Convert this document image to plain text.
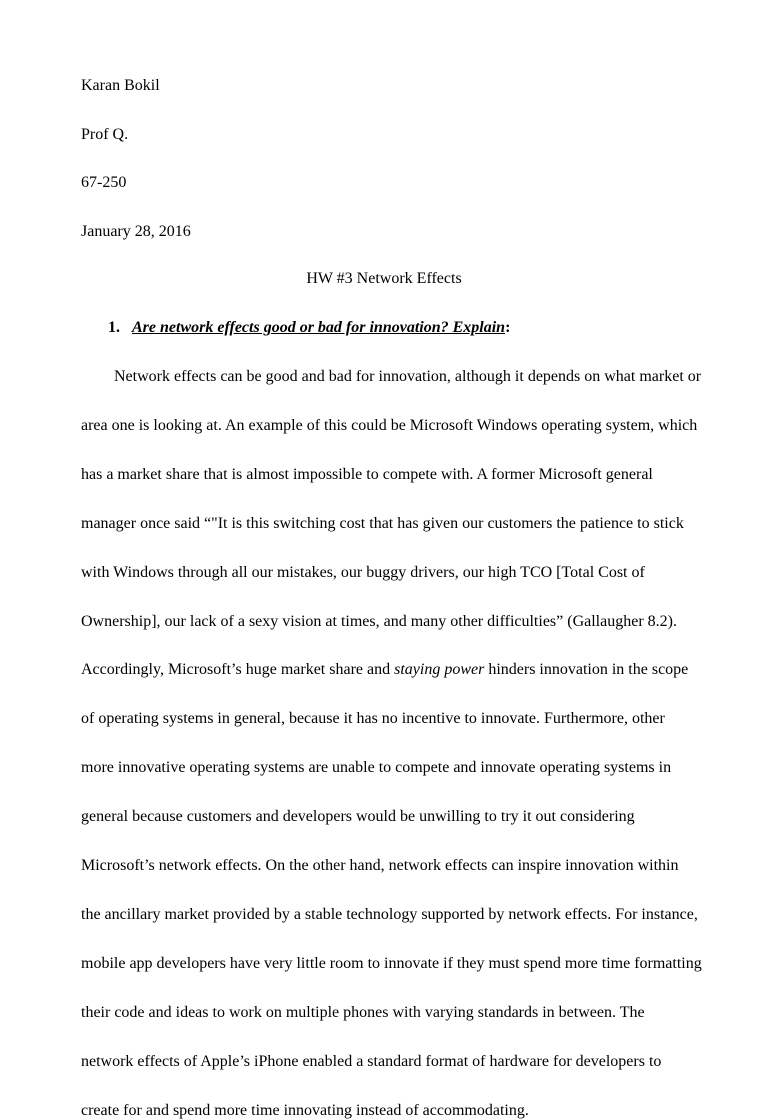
Karan Bokil

Prof Q.

67-250

January 28, 2016

HW #3 Network Effects

1. Are network effects good or bad for innovation? Explain:

Network effects can be good and bad for innovation, although it depends on what market or

area one is looking at. An example of this could be Microsoft Windows operating system, which

has a market share that is almost impossible to compete with. A former Microsoft general

manager once said “"It is this switching cost that has given our customers the patience to stick

with Windows through all our mistakes, our buggy drivers, our high TCO [Total Cost of

Ownership], our lack of a sexy vision at times, and many other difficulties” (Gallaugher 8.2).

Accordingly, Microsoft’s huge market share and staying power hinders innovation in the scope

of operating systems in general, because it has no incentive to innovate. Furthermore, other

more innovative operating systems are unable to compete and innovate operating systems in

general because customers and developers would be unwilling to try it out considering

Microsoft’s network effects. On the other hand, network effects can inspire innovation within

the ancillary market provided by a stable technology supported by network effects. For instance,

mobile app developers have very little room to innovate if they must spend more time formatting

their code and ideas to work on multiple phones with varying standards in between. The

network effects of Apple’s iPhone enabled a standard format of hardware for developers to

create for and spend more time innovating instead of accommodating.
